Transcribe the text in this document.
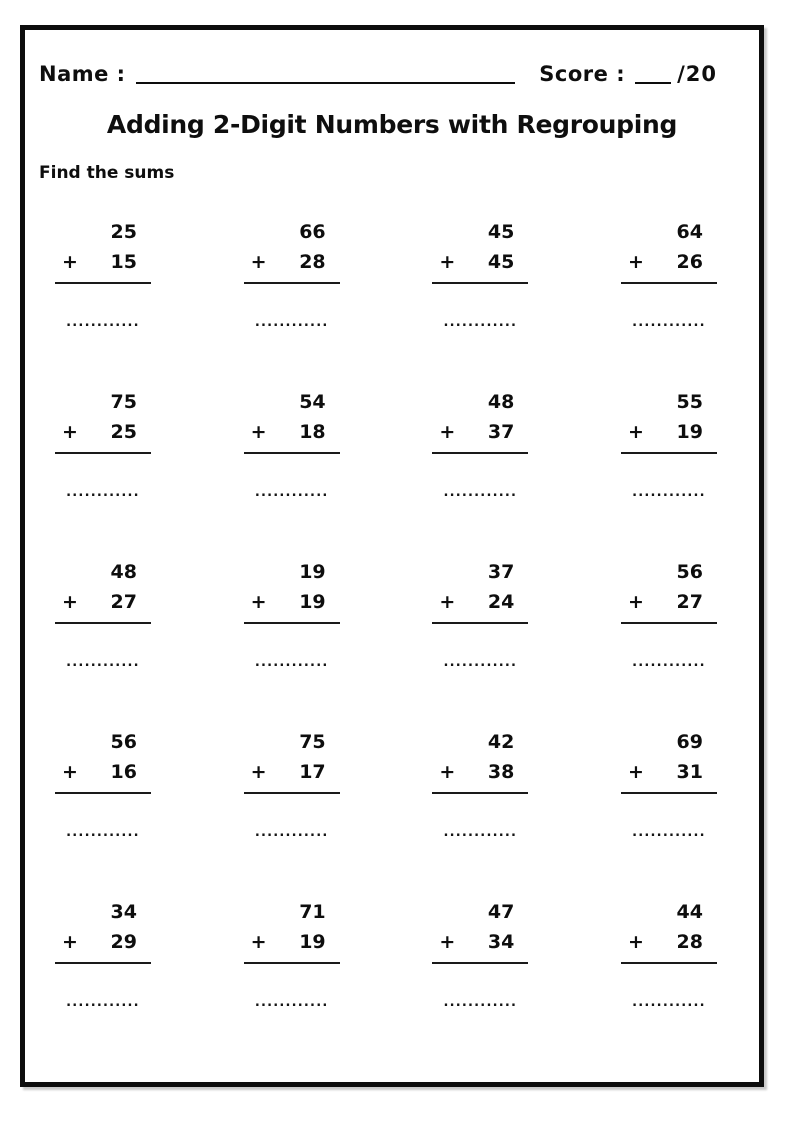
Name :	Score : /20
Adding 2-Digit Numbers with Regrouping
Find the sums
25
+ 15
............
66
+ 28
............
45
+ 45
............
64
+ 26
............
75
+ 25
............
54
+ 18
............
48
+ 37
............
55
+ 19
............
48
+ 27
............
19
+ 19
............
37
+ 24
............
56
+ 27
............
56
+ 16
............
75
+ 17
............
42
+ 38
............
69
+ 31
............
34
+ 29
............
71
+ 19
............
47
+ 34
............
44
+ 28
............
